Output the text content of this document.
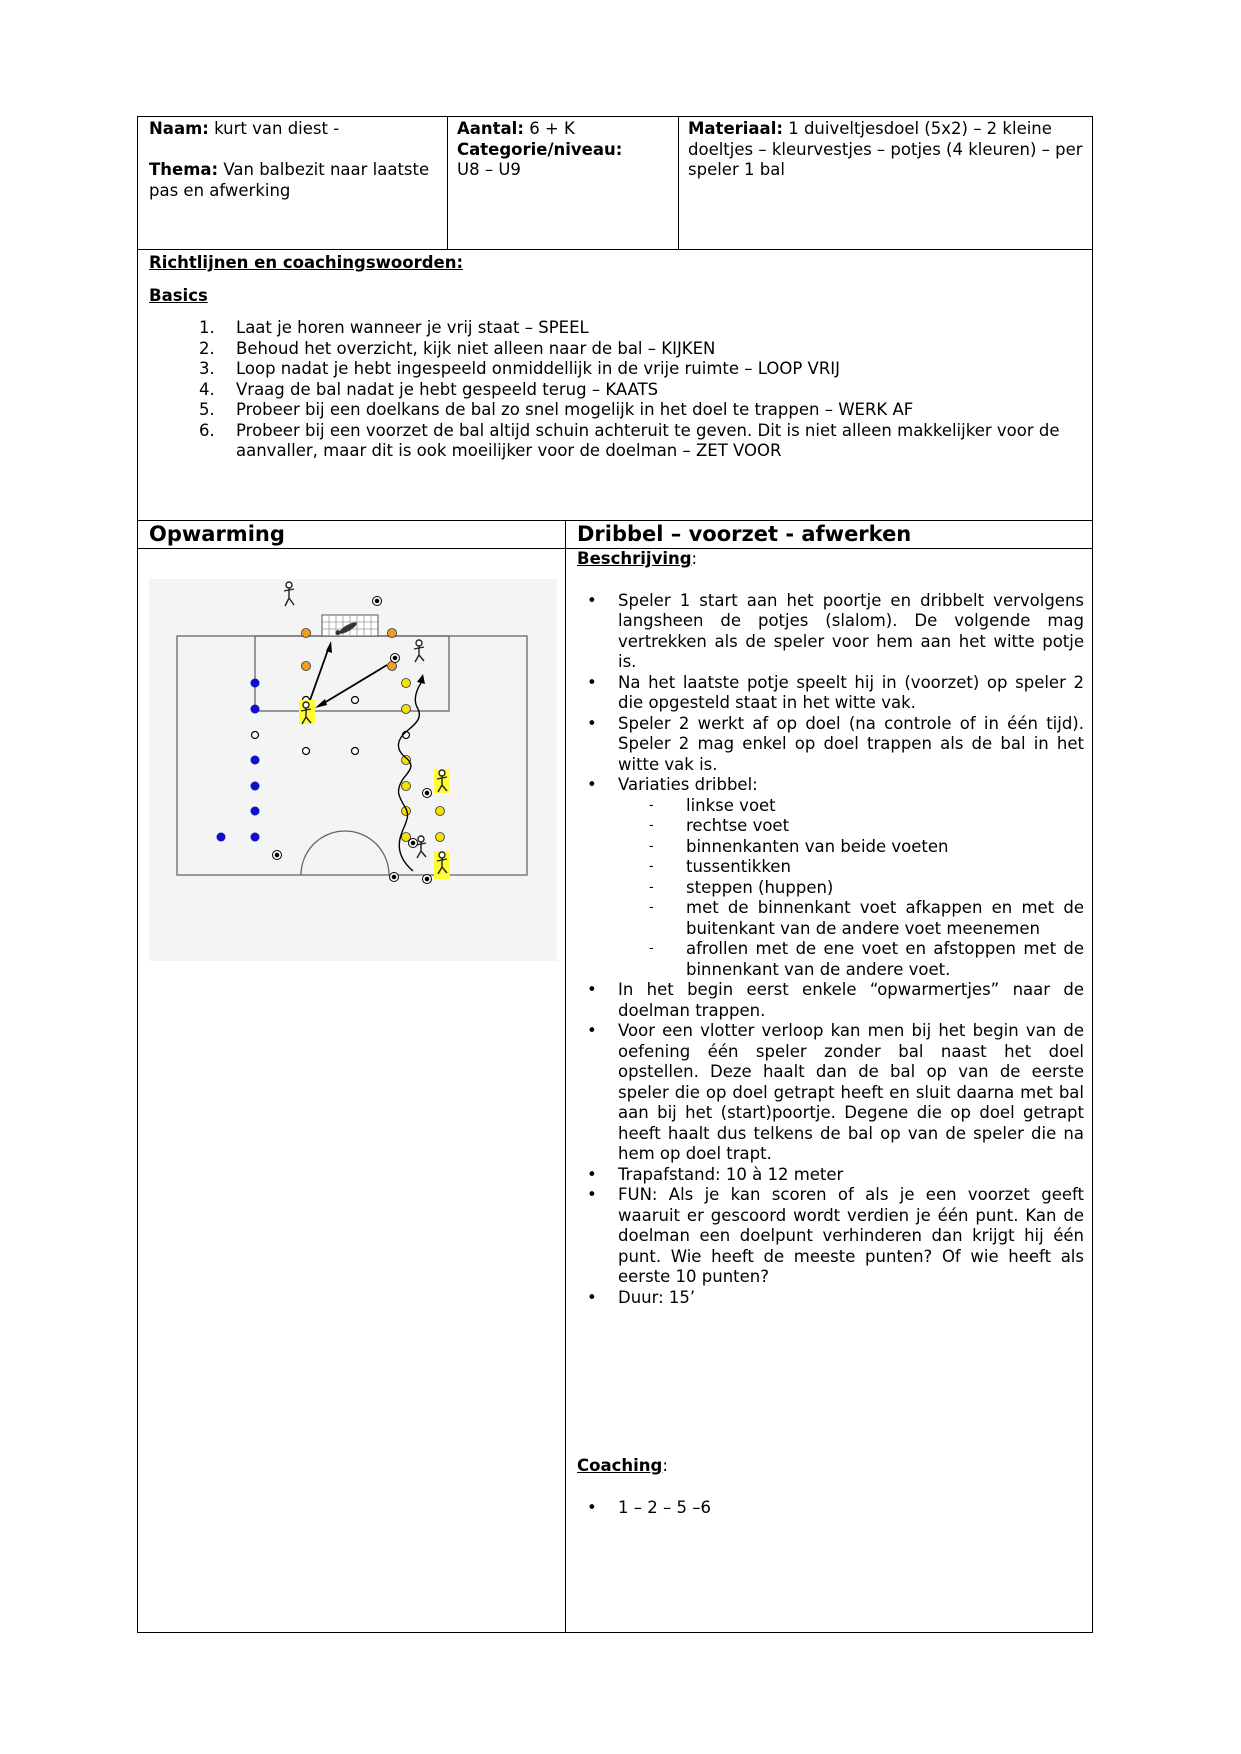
Naam: kurt van diest -
Thema: Van balbezit naar laatste pas en afwerking
Aantal: 6 + K
Categorie/niveau:
U8 – U9
Materiaal: 1 duiveltjesdoel (5x2) – 2 kleine doeltjes – kleurvestjes – potjes (4 kleuren) – per speler 1 bal
Richtlijnen en coachingswoorden:
Basics
1. Laat je horen wanneer je vrij staat – SPEEL
2. Behoud het overzicht, kijk niet alleen naar de bal – KIJKEN
3. Loop nadat je hebt ingespeeld onmiddellijk in de vrije ruimte – LOOP VRIJ
4. Vraag de bal nadat je hebt gespeeld terug – KAATS
5. Probeer bij een doelkans de bal zo snel mogelijk in het doel te trappen – WERK AF
6. Probeer bij een voorzet de bal altijd schuin achteruit te geven. Dit is niet alleen makkelijker voor de aanvaller, maar dit is ook moeilijker voor de doelman – ZET VOOR
Opwarming	Dribbel – voorzet - afwerken
Beschrijving:
• Speler 1 start aan het poortje en dribbelt vervolgens langsheen de potjes (slalom). De volgende mag vertrekken als de speler voor hem aan het witte potje is.
• Na het laatste potje speelt hij in (voorzet) op speler 2 die opgesteld staat in het witte vak.
• Speler 2 werkt af op doel (na controle of in één tijd). Speler 2 mag enkel op doel trappen als de bal in het witte vak is.
• Variaties dribbel:
- linkse voet
- rechtse voet
- binnenkanten van beide voeten
- tussentikken
- steppen (huppen)
- met de binnenkant voet afkappen en met de buitenkant van de andere voet meenemen
- afrollen met de ene voet en afstoppen met de binnenkant van de andere voet.
• In het begin eerst enkele “opwarmertjes” naar de doelman trappen.
• Voor een vlotter verloop kan men bij het begin van de oefening één speler zonder bal naast het doel opstellen. Deze haalt dan de bal op van de eerste speler die op doel getrapt heeft en sluit daarna met bal aan bij het (start)poortje. Degene die op doel getrapt heeft haalt dus telkens de bal op van de speler die na hem op doel trapt.
• Trapafstand: 10 à 12 meter
• FUN: Als je kan scoren of als je een voorzet geeft waaruit er gescoord wordt verdien je één punt. Kan de doelman een doelpunt verhinderen dan krijgt hij één punt. Wie heeft de meeste punten? Of wie heeft als eerste 10 punten?
• Duur: 15’
Coaching:
• 1 – 2 – 5 –6
